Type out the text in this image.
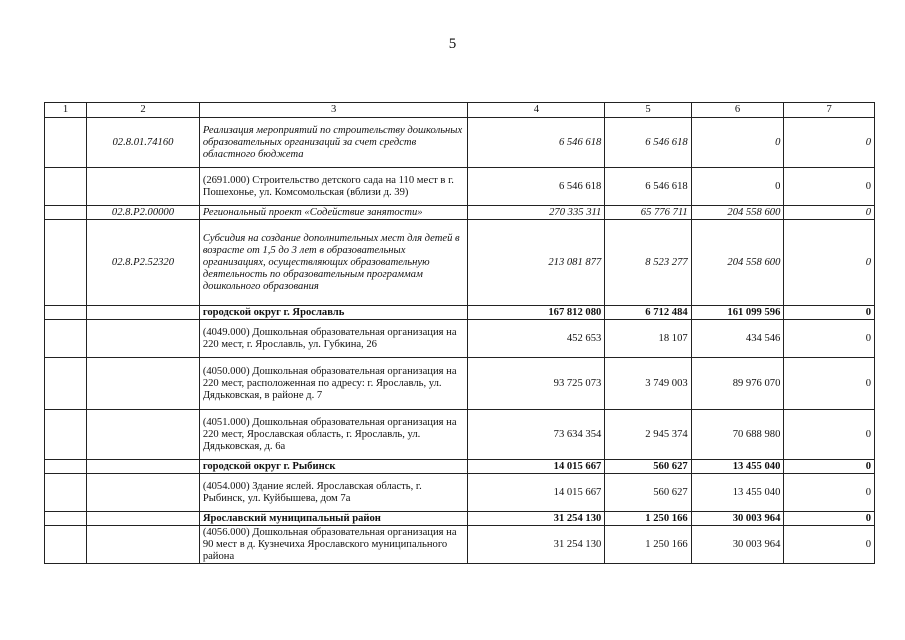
5
1	2	3	4	5	6	7
	02.8.01.74160	Реализация мероприятий по строительству дошкольных образовательных организаций за счет средств областного бюджета	6 546 618	6 546 618	0	0
		(2691.000) Строительство детского сада на 110 мест в г. Пошехонье, ул. Комсомольская (вблизи д. 39)	6 546 618	6 546 618	0	0
	02.8.P2.00000	Региональный проект «Содействие занятости»	270 335 311	65 776 711	204 558 600	0
	02.8.P2.52320	Субсидия на создание дополнительных мест для детей в возрасте от 1,5 до 3 лет в образовательных организациях, осуществляющих образовательную деятельность по образовательным программам дошкольного образования	213 081 877	8 523 277	204 558 600	0
		городской округ г. Ярославль	167 812 080	6 712 484	161 099 596	0
		(4049.000) Дошкольная образовательная организация на 220 мест, г. Ярославль, ул. Губкина, 26	452 653	18 107	434 546	0
		(4050.000) Дошкольная образовательная организация на 220 мест, расположенная по адресу: г. Ярославль, ул. Дядьковская, в районе д. 7	93 725 073	3 749 003	89 976 070	0
		(4051.000) Дошкольная образовательная организация на 220 мест, Ярославская область, г. Ярославль, ул. Дядьковская, д. 6а	73 634 354	2 945 374	70 688 980	0
		городской округ г. Рыбинск	14 015 667	560 627	13 455 040	0
		(4054.000) Здание яслей. Ярославская область, г. Рыбинск, ул. Куйбышева, дом 7а	14 015 667	560 627	13 455 040	0
		Ярославский муниципальный район	31 254 130	1 250 166	30 003 964	0
		(4056.000) Дошкольная образовательная организация на 90 мест в д. Кузнечиха Ярославского муниципального района	31 254 130	1 250 166	30 003 964	0
